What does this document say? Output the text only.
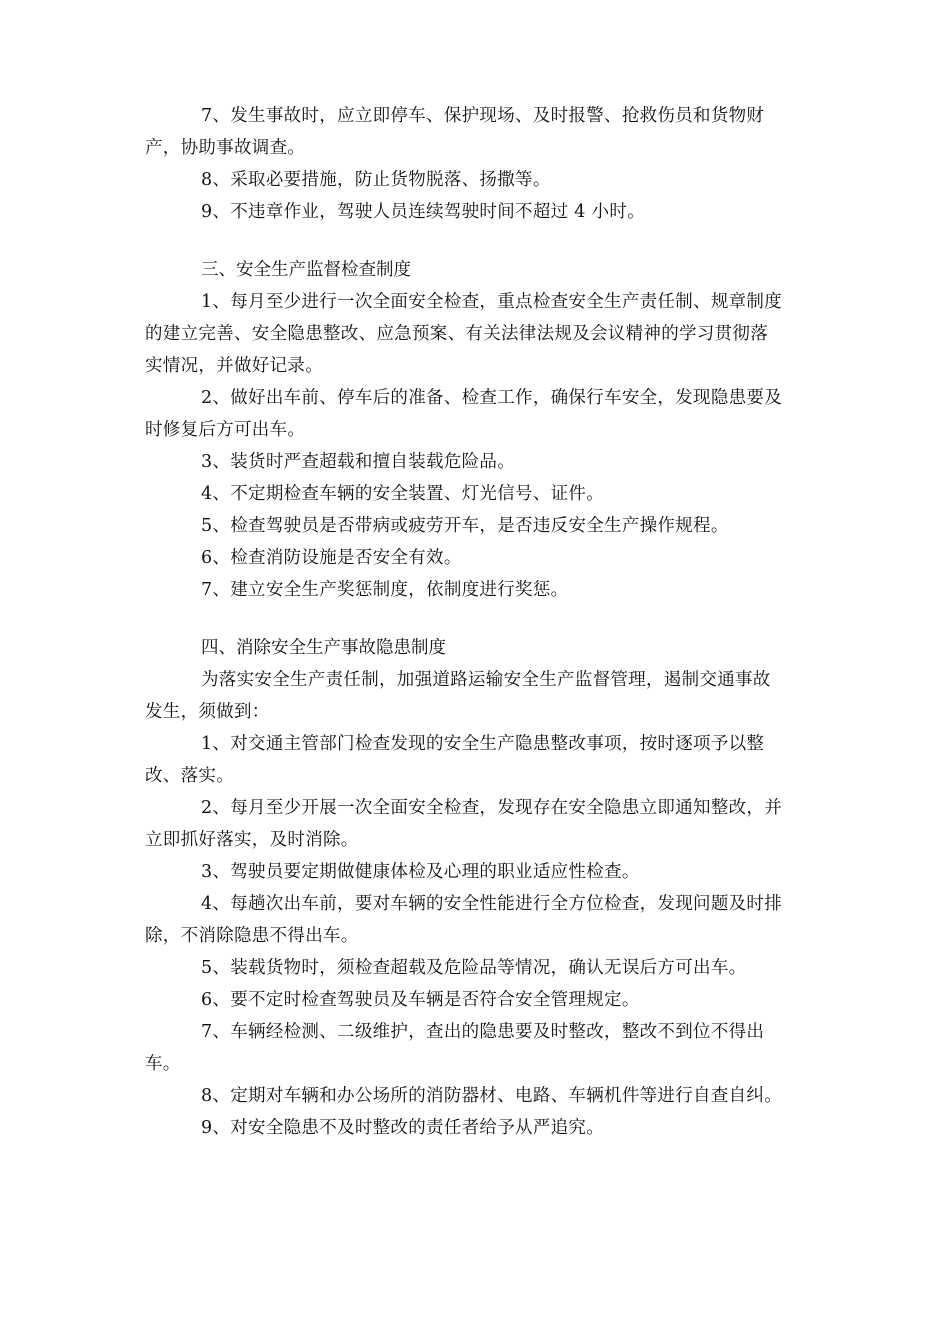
7、发生事故时，应立即停车、保护现场、及时报警、抢救伤员和货物财产，协助事故调查。

8、采取必要措施，防止货物脱落、扬撒等。

9、不违章作业，驾驶人员连续驾驶时间不超过 4 小时。

三、安全生产监督检查制度

1、每月至少进行一次全面安全检查，重点检查安全生产责任制、规章制度的建立完善、安全隐患整改、应急预案、有关法律法规及会议精神的学习贯彻落实情况，并做好记录。

2、做好出车前、停车后的准备、检查工作，确保行车安全，发现隐患要及时修复后方可出车。

3、装货时严查超载和擅自装载危险品。

4、不定期检查车辆的安全装置、灯光信号、证件。

5、检查驾驶员是否带病或疲劳开车，是否违反安全生产操作规程。

6、检查消防设施是否安全有效。

7、建立安全生产奖惩制度，依制度进行奖惩。

四、消除安全生产事故隐患制度

为落实安全生产责任制，加强道路运输安全生产监督管理，遏制交通事故发生，须做到：

1、对交通主管部门检查发现的安全生产隐患整改事项，按时逐项予以整改、落实。

2、每月至少开展一次全面安全检查，发现存在安全隐患立即通知整改，并立即抓好落实，及时消除。

3、驾驶员要定期做健康体检及心理的职业适应性检查。

4、每趟次出车前，要对车辆的安全性能进行全方位检查，发现问题及时排除，不消除隐患不得出车。

5、装载货物时，须检查超载及危险品等情况，确认无误后方可出车。

6、要不定时检查驾驶员及车辆是否符合安全管理规定。

7、车辆经检测、二级维护，查出的隐患要及时整改，整改不到位不得出车。

8、定期对车辆和办公场所的消防器材、电路、车辆机件等进行自查自纠。

9、对安全隐患不及时整改的责任者给予从严追究。
